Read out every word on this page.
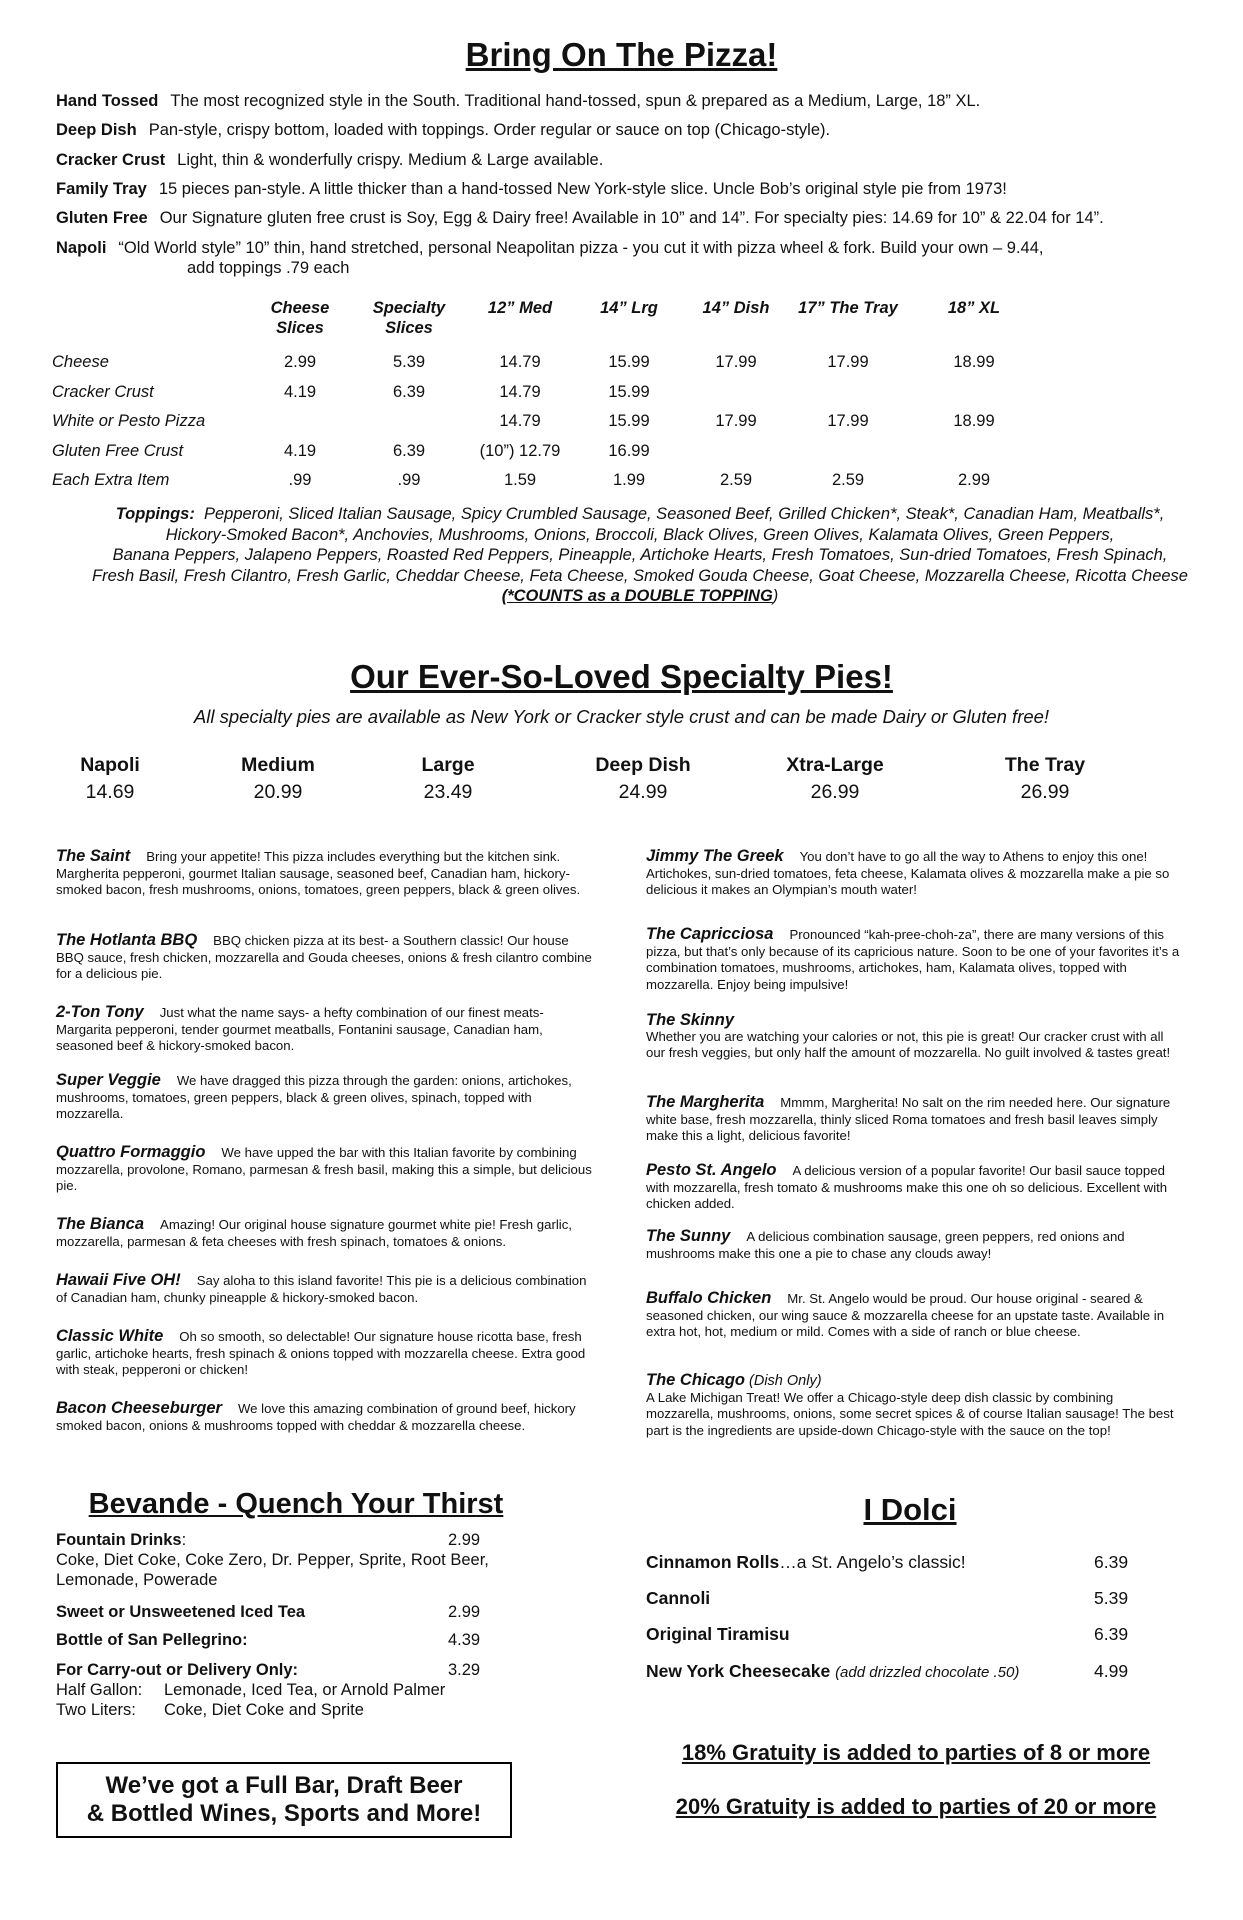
Bring On The Pizza!
Hand Tossed The most recognized style in the South. Traditional hand-tossed, spun & prepared as a Medium, Large, 18” XL.
Deep Dish Pan-style, crispy bottom, loaded with toppings. Order regular or sauce on top (Chicago-style).
Cracker Crust Light, thin & wonderfully crispy. Medium & Large available.
Family Tray 15 pieces pan-style. A little thicker than a hand-tossed New York-style slice. Uncle Bob’s original style pie from 1973!
Gluten Free Our Signature gluten free crust is Soy, Egg & Dairy free! Available in 10” and 14”. For specialty pies: 14.69 for 10” & 22.04 for 14”.
Napoli “Old World style” 10” thin, hand stretched, personal Neapolitan pizza - you cut it with pizza wheel & fork. Build your own – 9.44,
add toppings .79 each
	Cheese Slices	Specialty Slices	12” Med	14” Lrg	14” Dish	17” The Tray	18” XL
Cheese	2.99	5.39	14.79	15.99	17.99	17.99	18.99
Cracker Crust	4.19	6.39	14.79	15.99			
White or Pesto Pizza			14.79	15.99	17.99	17.99	18.99
Gluten Free Crust	4.19	6.39	(10”) 12.79	16.99			
Each Extra Item	.99	.99	1.59	1.99	2.59	2.59	2.99
Toppings: Pepperoni, Sliced Italian Sausage, Spicy Crumbled Sausage, Seasoned Beef, Grilled Chicken*, Steak*, Canadian Ham, Meatballs*,
Hickory-Smoked Bacon*, Anchovies, Mushrooms, Onions, Broccoli, Black Olives, Green Olives, Kalamata Olives, Green Peppers,
Banana Peppers, Jalapeno Peppers, Roasted Red Peppers, Pineapple, Artichoke Hearts, Fresh Tomatoes, Sun-dried Tomatoes, Fresh Spinach,
Fresh Basil, Fresh Cilantro, Fresh Garlic, Cheddar Cheese, Feta Cheese, Smoked Gouda Cheese, Goat Cheese, Mozzarella Cheese, Ricotta Cheese
(*COUNTS as a DOUBLE TOPPING)
Our Ever-So-Loved Specialty Pies!
All specialty pies are available as New York or Cracker style crust and can be made Dairy or Gluten free!
Napoli
14.69
Medium
20.99
Large
23.49
Deep Dish
24.99
Xtra-Large
26.99
The Tray
26.99
The Saint Bring your appetite! This pizza includes everything but the kitchen sink. Margherita pepperoni, gourmet Italian sausage, seasoned beef, Canadian ham, hickory-smoked bacon, fresh mushrooms, onions, tomatoes, green peppers, black & green olives.
The Hotlanta BBQ BBQ chicken pizza at its best- a Southern classic! Our house BBQ sauce, fresh chicken, mozzarella and Gouda cheeses, onions & fresh cilantro combine for a delicious pie.
2-Ton Tony Just what the name says- a hefty combination of our finest meats- Margarita pepperoni, tender gourmet meatballs, Fontanini sausage, Canadian ham, seasoned beef & hickory-smoked bacon.
Super Veggie We have dragged this pizza through the garden: onions, artichokes, mushrooms, tomatoes, green peppers, black & green olives, spinach, topped with mozzarella.
Quattro Formaggio We have upped the bar with this Italian favorite by combining mozzarella, provolone, Romano, parmesan & fresh basil, making this a simple, but delicious pie.
The Bianca Amazing! Our original house signature gourmet white pie! Fresh garlic, mozzarella, parmesan & feta cheeses with fresh spinach, tomatoes & onions.
Hawaii Five OH! Say aloha to this island favorite! This pie is a delicious combination of Canadian ham, chunky pineapple & hickory-smoked bacon.
Classic White Oh so smooth, so delectable! Our signature house ricotta base, fresh garlic, artichoke hearts, fresh spinach & onions topped with mozzarella cheese. Extra good with steak, pepperoni or chicken!
Bacon Cheeseburger We love this amazing combination of ground beef, hickory smoked bacon, onions & mushrooms topped with cheddar & mozzarella cheese.
Jimmy The Greek You don’t have to go all the way to Athens to enjoy this one! Artichokes, sun-dried tomatoes, feta cheese, Kalamata olives & mozzarella make a pie so delicious it makes an Olympian’s mouth water!
The Capricciosa Pronounced “kah-pree-choh-za”, there are many versions of this pizza, but that’s only because of its capricious nature. Soon to be one of your favorites it’s a combination tomatoes, mushrooms, artichokes, ham, Kalamata olives, topped with mozzarella. Enjoy being impulsive!
The Skinny
Whether you are watching your calories or not, this pie is great! Our cracker crust with all our fresh veggies, but only half the amount of mozzarella. No guilt involved & tastes great!
The Margherita Mmmm, Margherita! No salt on the rim needed here. Our signature white base, fresh mozzarella, thinly sliced Roma tomatoes and fresh basil leaves simply make this a light, delicious favorite!
Pesto St. Angelo A delicious version of a popular favorite! Our basil sauce topped with mozzarella, fresh tomato & mushrooms make this one oh so delicious. Excellent with chicken added.
The Sunny A delicious combination sausage, green peppers, red onions and mushrooms make this one a pie to chase any clouds away!
Buffalo Chicken Mr. St. Angelo would be proud. Our house original - seared & seasoned chicken, our wing sauce & mozzarella cheese for an upstate taste. Available in extra hot, hot, medium or mild. Comes with a side of ranch or blue cheese.
The Chicago (Dish Only)
A Lake Michigan Treat! We offer a Chicago-style deep dish classic by combining mozzarella, mushrooms, onions, some secret spices & of course Italian sausage! The best part is the ingredients are upside-down Chicago-style with the sauce on the top!
Bevande - Quench Your Thirst
Fountain Drinks:	2.99
Coke, Diet Coke, Coke Zero, Dr. Pepper, Sprite, Root Beer, Lemonade, Powerade
Sweet or Unsweetened Iced Tea	2.99
Bottle of San Pellegrino:	4.39
For Carry-out or Delivery Only:	3.29
Half Gallon: Lemonade, Iced Tea, or Arnold Palmer
Two Liters: Coke, Diet Coke and Sprite
We’ve got a Full Bar, Draft Beer
& Bottled Wines, Sports and More!
I Dolci
Cinnamon Rolls…a St. Angelo’s classic!	6.39
Cannoli	5.39
Original Tiramisu	6.39
New York Cheesecake (add drizzled chocolate .50)	4.99
18% Gratuity is added to parties of 8 or more
20% Gratuity is added to parties of 20 or more
